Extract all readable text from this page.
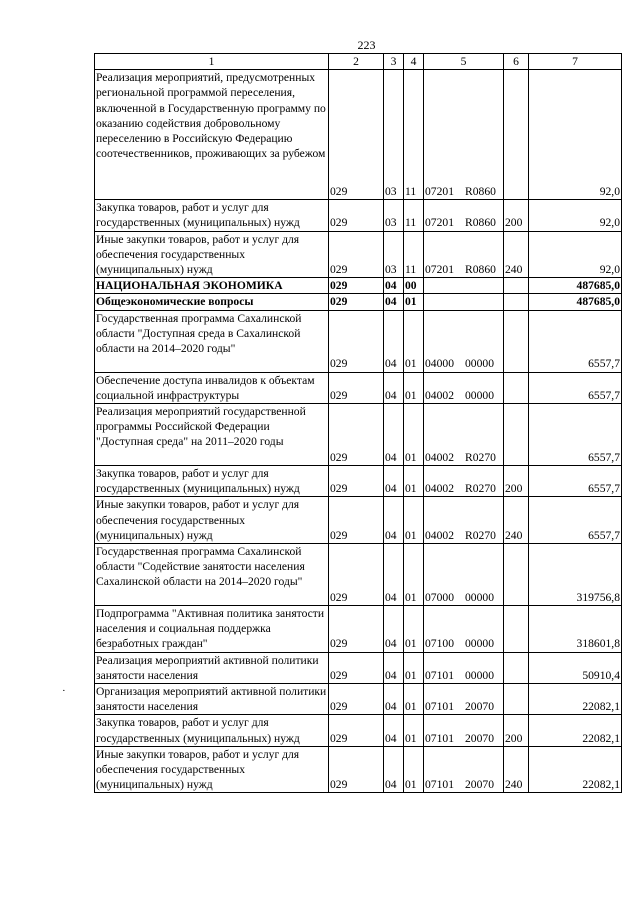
223
1	2	3	4	5	6	7
Реализация мероприятий, предусмотренных региональной программой переселения, включенной в Государственную программу по оказанию содействия добровольному переселению в Российскую Федерацию соотечественников, проживающих за рубежом	029	03	11	07201 R0860		92,0
Закупка товаров, работ и услуг для государственных (муниципальных) нужд	029	03	11	07201 R0860	200	92,0
Иные закупки товаров, работ и услуг для обеспечения государственных (муниципальных) нужд	029	03	11	07201 R0860	240	92,0
НАЦИОНАЛЬНАЯ ЭКОНОМИКА	029	04	00			487685,0
Общеэкономические вопросы	029	04	01			487685,0
Государственная программа Сахалинской области "Доступная среда в Сахалинской области на 2014–2020 годы"	029	04	01	04000 00000		6557,7
Обеспечение доступа инвалидов к объектам социальной инфраструктуры	029	04	01	04002 00000		6557,7
Реализация мероприятий государственной программы Российской Федерации "Доступная среда" на 2011–2020 годы	029	04	01	04002 R0270		6557,7
Закупка товаров, работ и услуг для государственных (муниципальных) нужд	029	04	01	04002 R0270	200	6557,7
Иные закупки товаров, работ и услуг для обеспечения государственных (муниципальных) нужд	029	04	01	04002 R0270	240	6557,7
Государственная программа Сахалинской области "Содействие занятости населения Сахалинской области на 2014–2020 годы"	029	04	01	07000 00000		319756,8
Подпрограмма "Активная политика занятости населения и социальная поддержка безработных граждан"	029	04	01	07100 00000		318601,8
Реализация мероприятий активной политики занятости населения	029	04	01	07101 00000		50910,4
Организация мероприятий активной политики занятости населения	029	04	01	07101 20070		22082,1
Закупка товаров, работ и услуг для государственных (муниципальных) нужд	029	04	01	07101 20070	200	22082,1
Иные закупки товаров, работ и услуг для обеспечения государственных (муниципальных) нужд	029	04	01	07101 20070	240	22082,1
·
